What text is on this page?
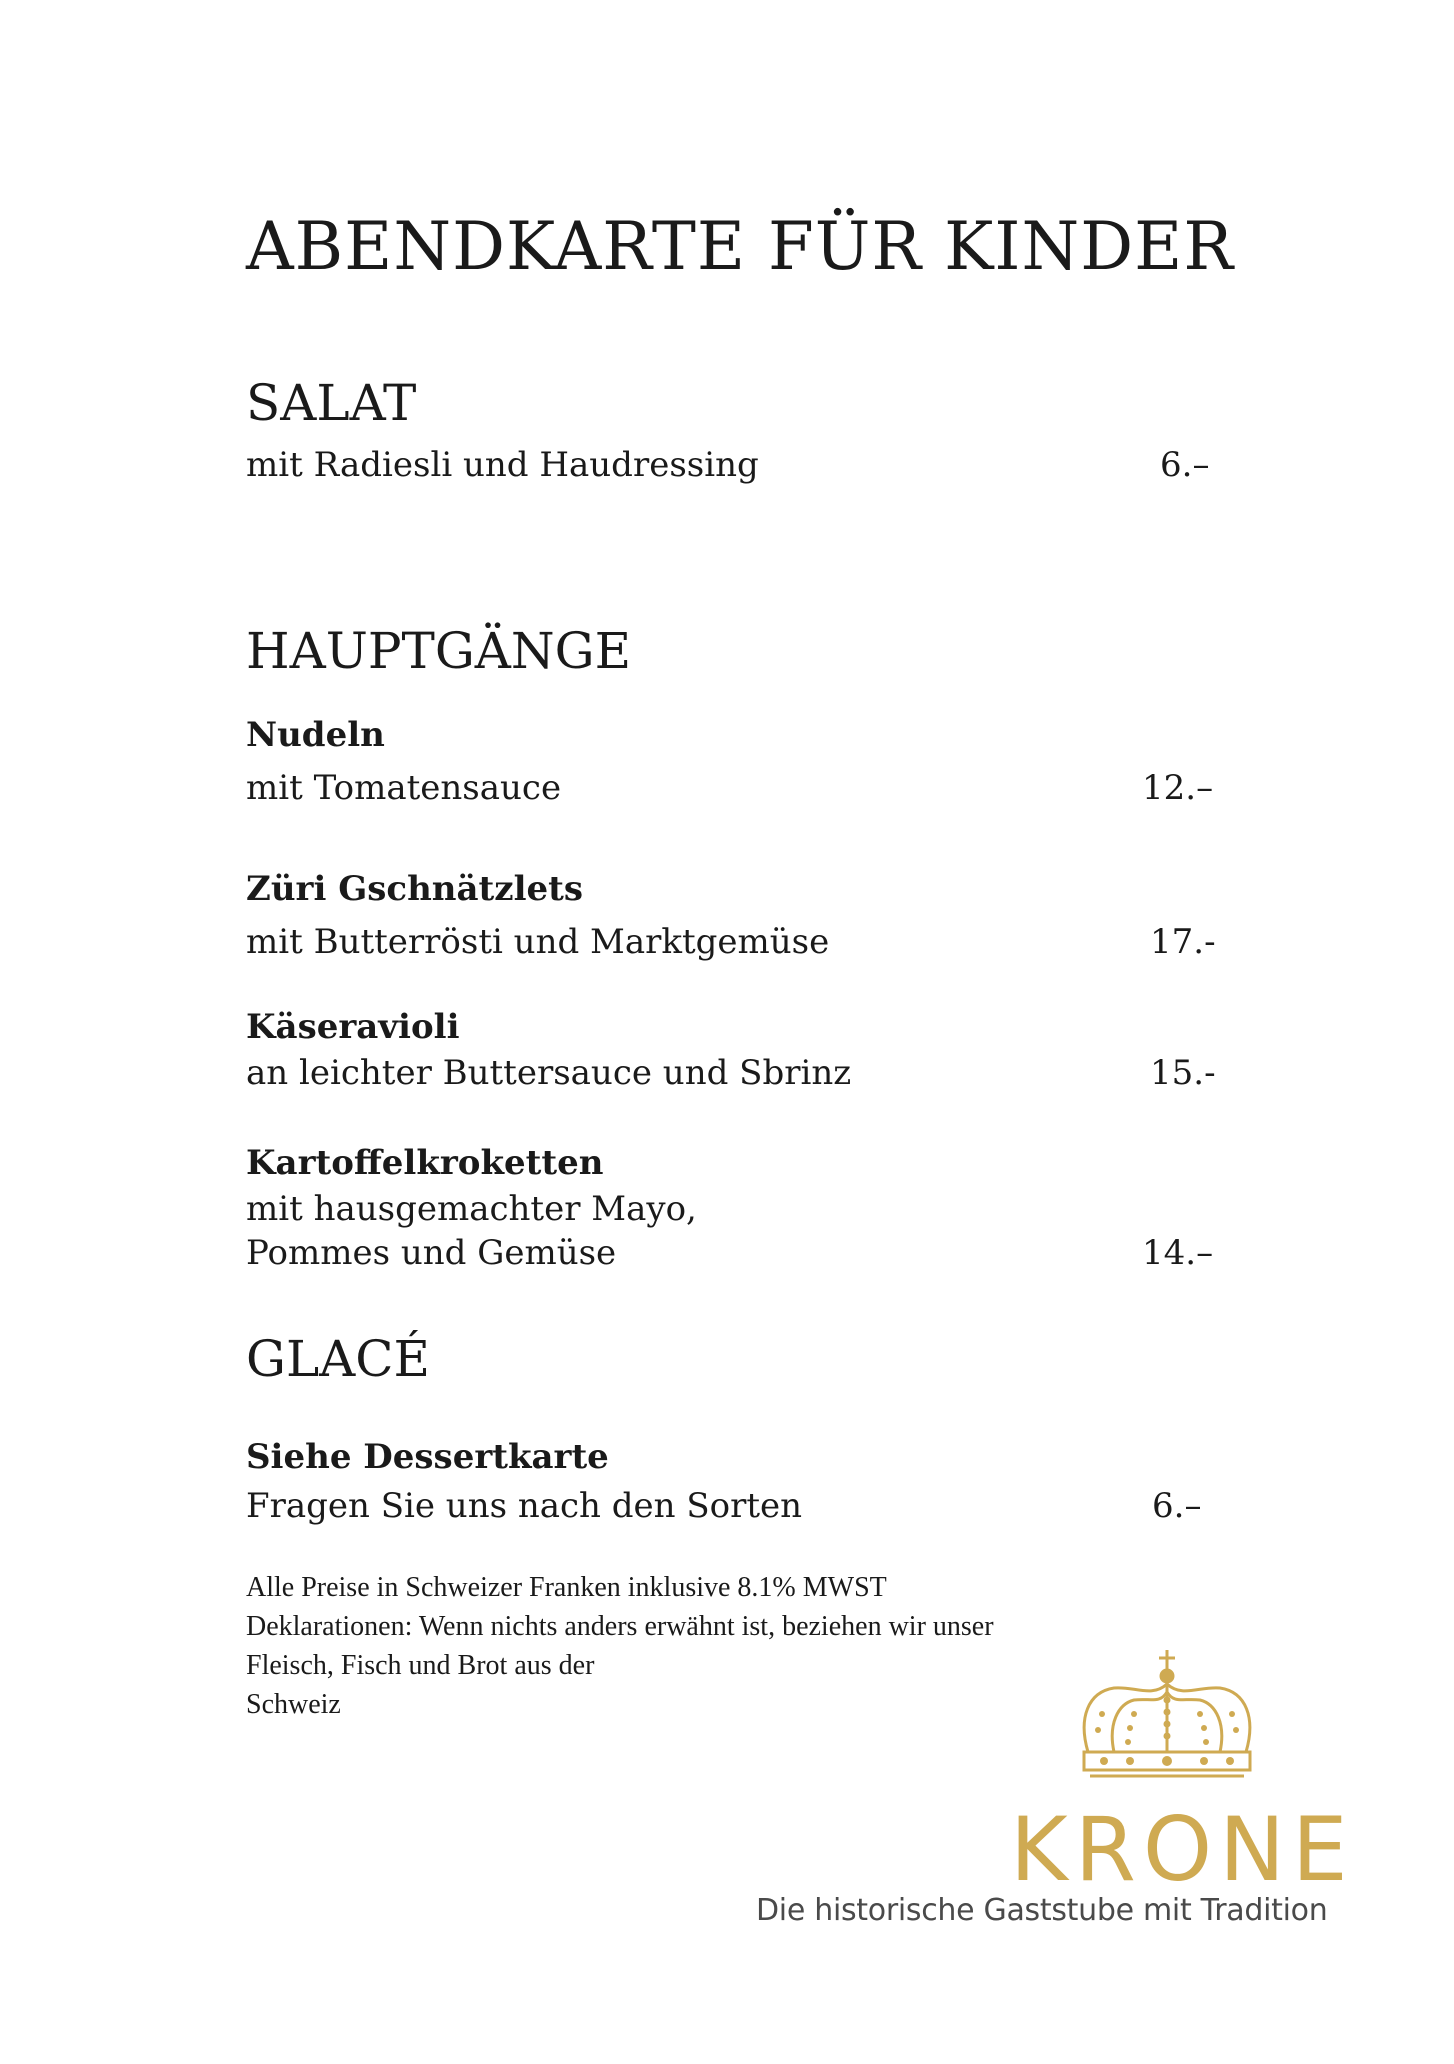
ABENDKARTE FÜR KINDER
SALAT
mit Radiesli und Haudressing	6.–
HAUPTGÄNGE
Nudeln
mit Tomatensauce	12.–
Züri Gschnätzlets
mit Butterrösti und Marktgemüse	17.-
Käseravioli
an leichter Buttersauce und Sbrinz	15.-
Kartoffelkroketten
mit hausgemachter Mayo,
Pommes und Gemüse	14.–
GLACÉ
Siehe Dessertkarte
Fragen Sie uns nach den Sorten	6.–
Alle Preise in Schweizer Franken inklusive 8.1% MWST
Deklarationen: Wenn nichts anders erwähnt ist, beziehen wir unser
Fleisch, Fisch und Brot aus der
Schweiz
KRONE
Die historische Gaststube mit Tradition
